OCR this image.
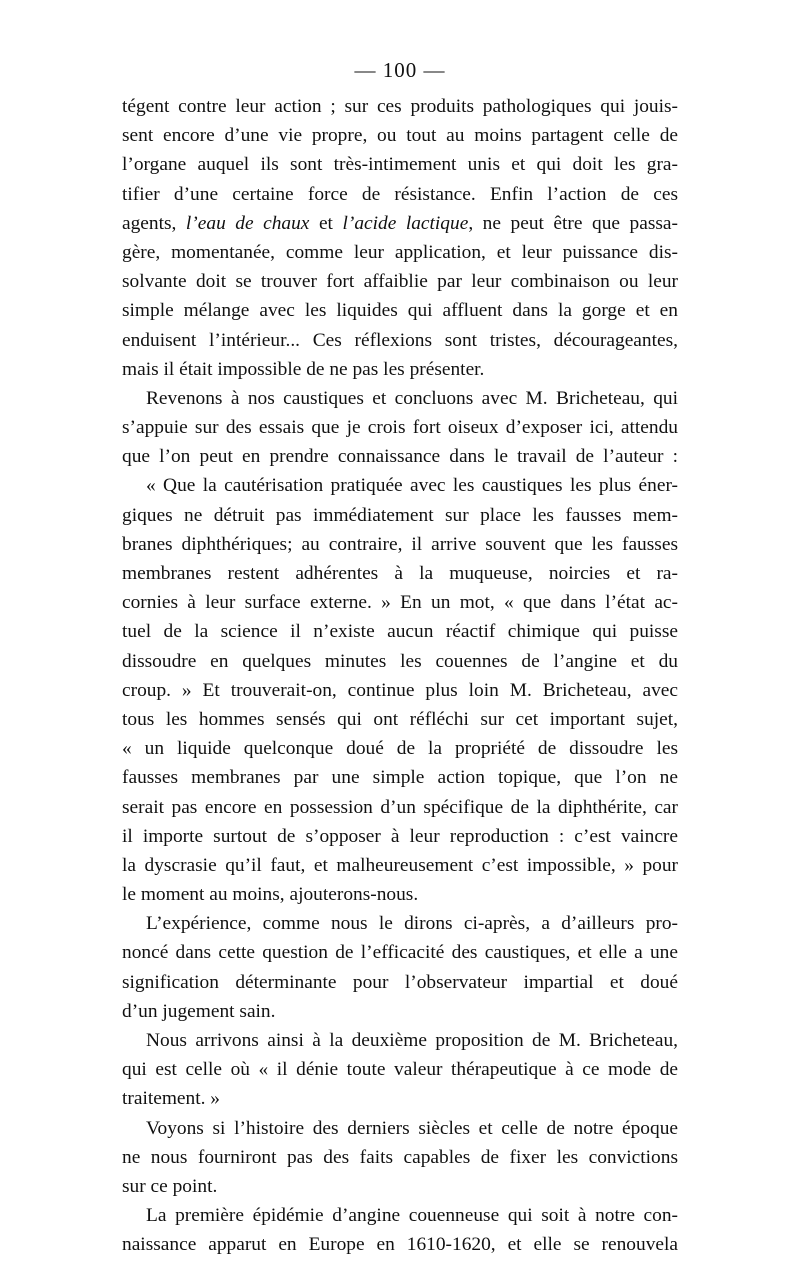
— 100 —
tégent contre leur action ; sur ces produits pathologiques qui jouis-
sent encore d’une vie propre, ou tout au moins partagent celle de
l’organe auquel ils sont très-intimement unis et qui doit les gra-
tifier d’une certaine force de résistance. Enfin l’action de ces
agents, l’eau de chaux et l’acide lactique, ne peut être que passa-
gère, momentanée, comme leur application, et leur puissance dis-
solvante doit se trouver fort affaiblie par leur combinaison ou leur
simple mélange avec les liquides qui affluent dans la gorge et en
enduisent l’intérieur... Ces réflexions sont tristes, décourageantes,
mais il était impossible de ne pas les présenter.
Revenons à nos caustiques et concluons avec M. Bricheteau, qui
s’appuie sur des essais que je crois fort oiseux d’exposer ici, attendu
que l’on peut en prendre connaissance dans le travail de l’auteur :
« Que la cautérisation pratiquée avec les caustiques les plus éner-
giques ne détruit pas immédiatement sur place les fausses mem-
branes diphthériques; au contraire, il arrive souvent que les fausses
membranes restent adhérentes à la muqueuse, noircies et ra-
cornies à leur surface externe. » En un mot, « que dans l’état ac-
tuel de la science il n’existe aucun réactif chimique qui puisse
dissoudre en quelques minutes les couennes de l’angine et du
croup. » Et trouverait-on, continue plus loin M. Bricheteau, avec
tous les hommes sensés qui ont réfléchi sur cet important sujet,
« un liquide quelconque doué de la propriété de dissoudre les
fausses membranes par une simple action topique, que l’on ne
serait pas encore en possession d’un spécifique de la diphthérite, car
il importe surtout de s’opposer à leur reproduction : c’est vaincre
la dyscrasie qu’il faut, et malheureusement c’est impossible, » pour
le moment au moins, ajouterons-nous.
L’expérience, comme nous le dirons ci-après, a d’ailleurs pro-
noncé dans cette question de l’efficacité des caustiques, et elle a une
signification déterminante pour l’observateur impartial et doué
d’un jugement sain.
Nous arrivons ainsi à la deuxième proposition de M. Bricheteau,
qui est celle où « il dénie toute valeur thérapeutique à ce mode de
traitement. »
Voyons si l’histoire des derniers siècles et celle de notre époque
ne nous fourniront pas des faits capables de fixer les convictions
sur ce point.
La première épidémie d’angine couenneuse qui soit à notre con-
naissance apparut en Europe en 1610-1620, et elle se renouvela
